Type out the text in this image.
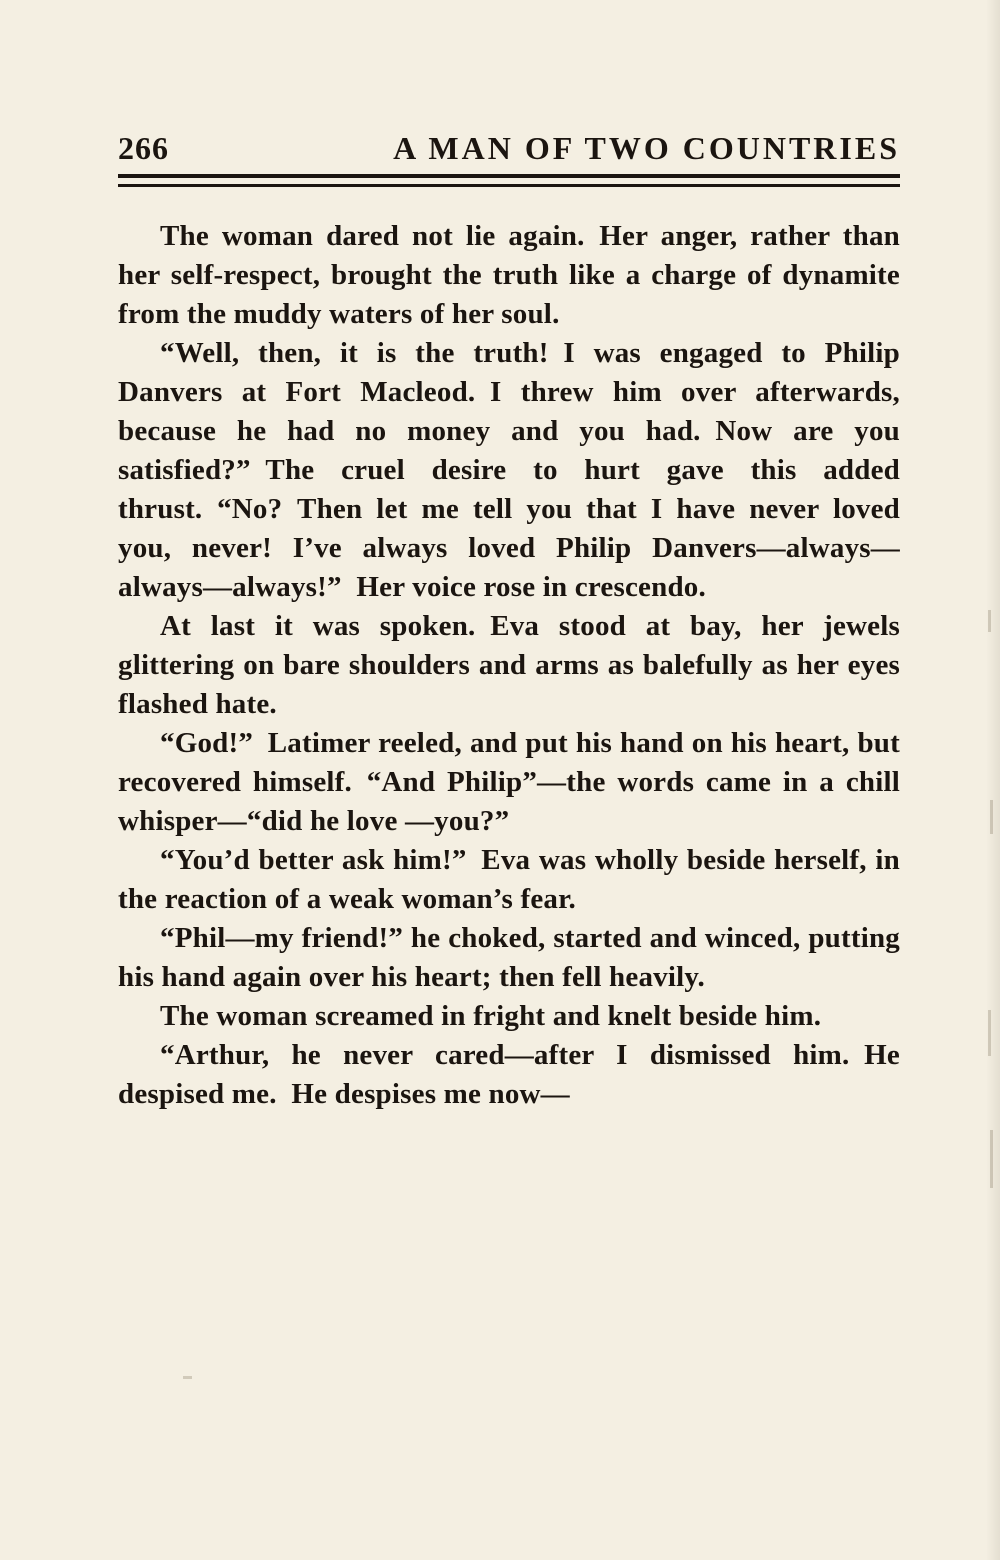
266	A MAN OF TWO COUNTRIES

The woman dared not lie again. Her anger, rather than her self-respect, brought the truth like a charge of dynamite from the muddy waters of her soul.

“Well, then, it is the truth! I was engaged to Philip Danvers at Fort Macleod. I threw him over afterwards, because he had no money and you had. Now are you satisfied?” The cruel desire to hurt gave this added thrust. “No? Then let me tell you that I have never loved you, never! I’ve always loved Philip Danvers—always—always—always!” Her voice rose in crescendo.

At last it was spoken. Eva stood at bay, her jewels glittering on bare shoulders and arms as balefully as her eyes flashed hate.

“God!” Latimer reeled, and put his hand on his heart, but recovered himself. “And Philip”—the words came in a chill whisper—“did he love —you?”

“You’d better ask him!” Eva was wholly beside herself, in the reaction of a weak woman’s fear.

“Phil—my friend!” he choked, started and winced, putting his hand again over his heart; then fell heavily.

The woman screamed in fright and knelt beside him.

“Arthur, he never cared—after I dismissed him. He despised me. He despises me now—
